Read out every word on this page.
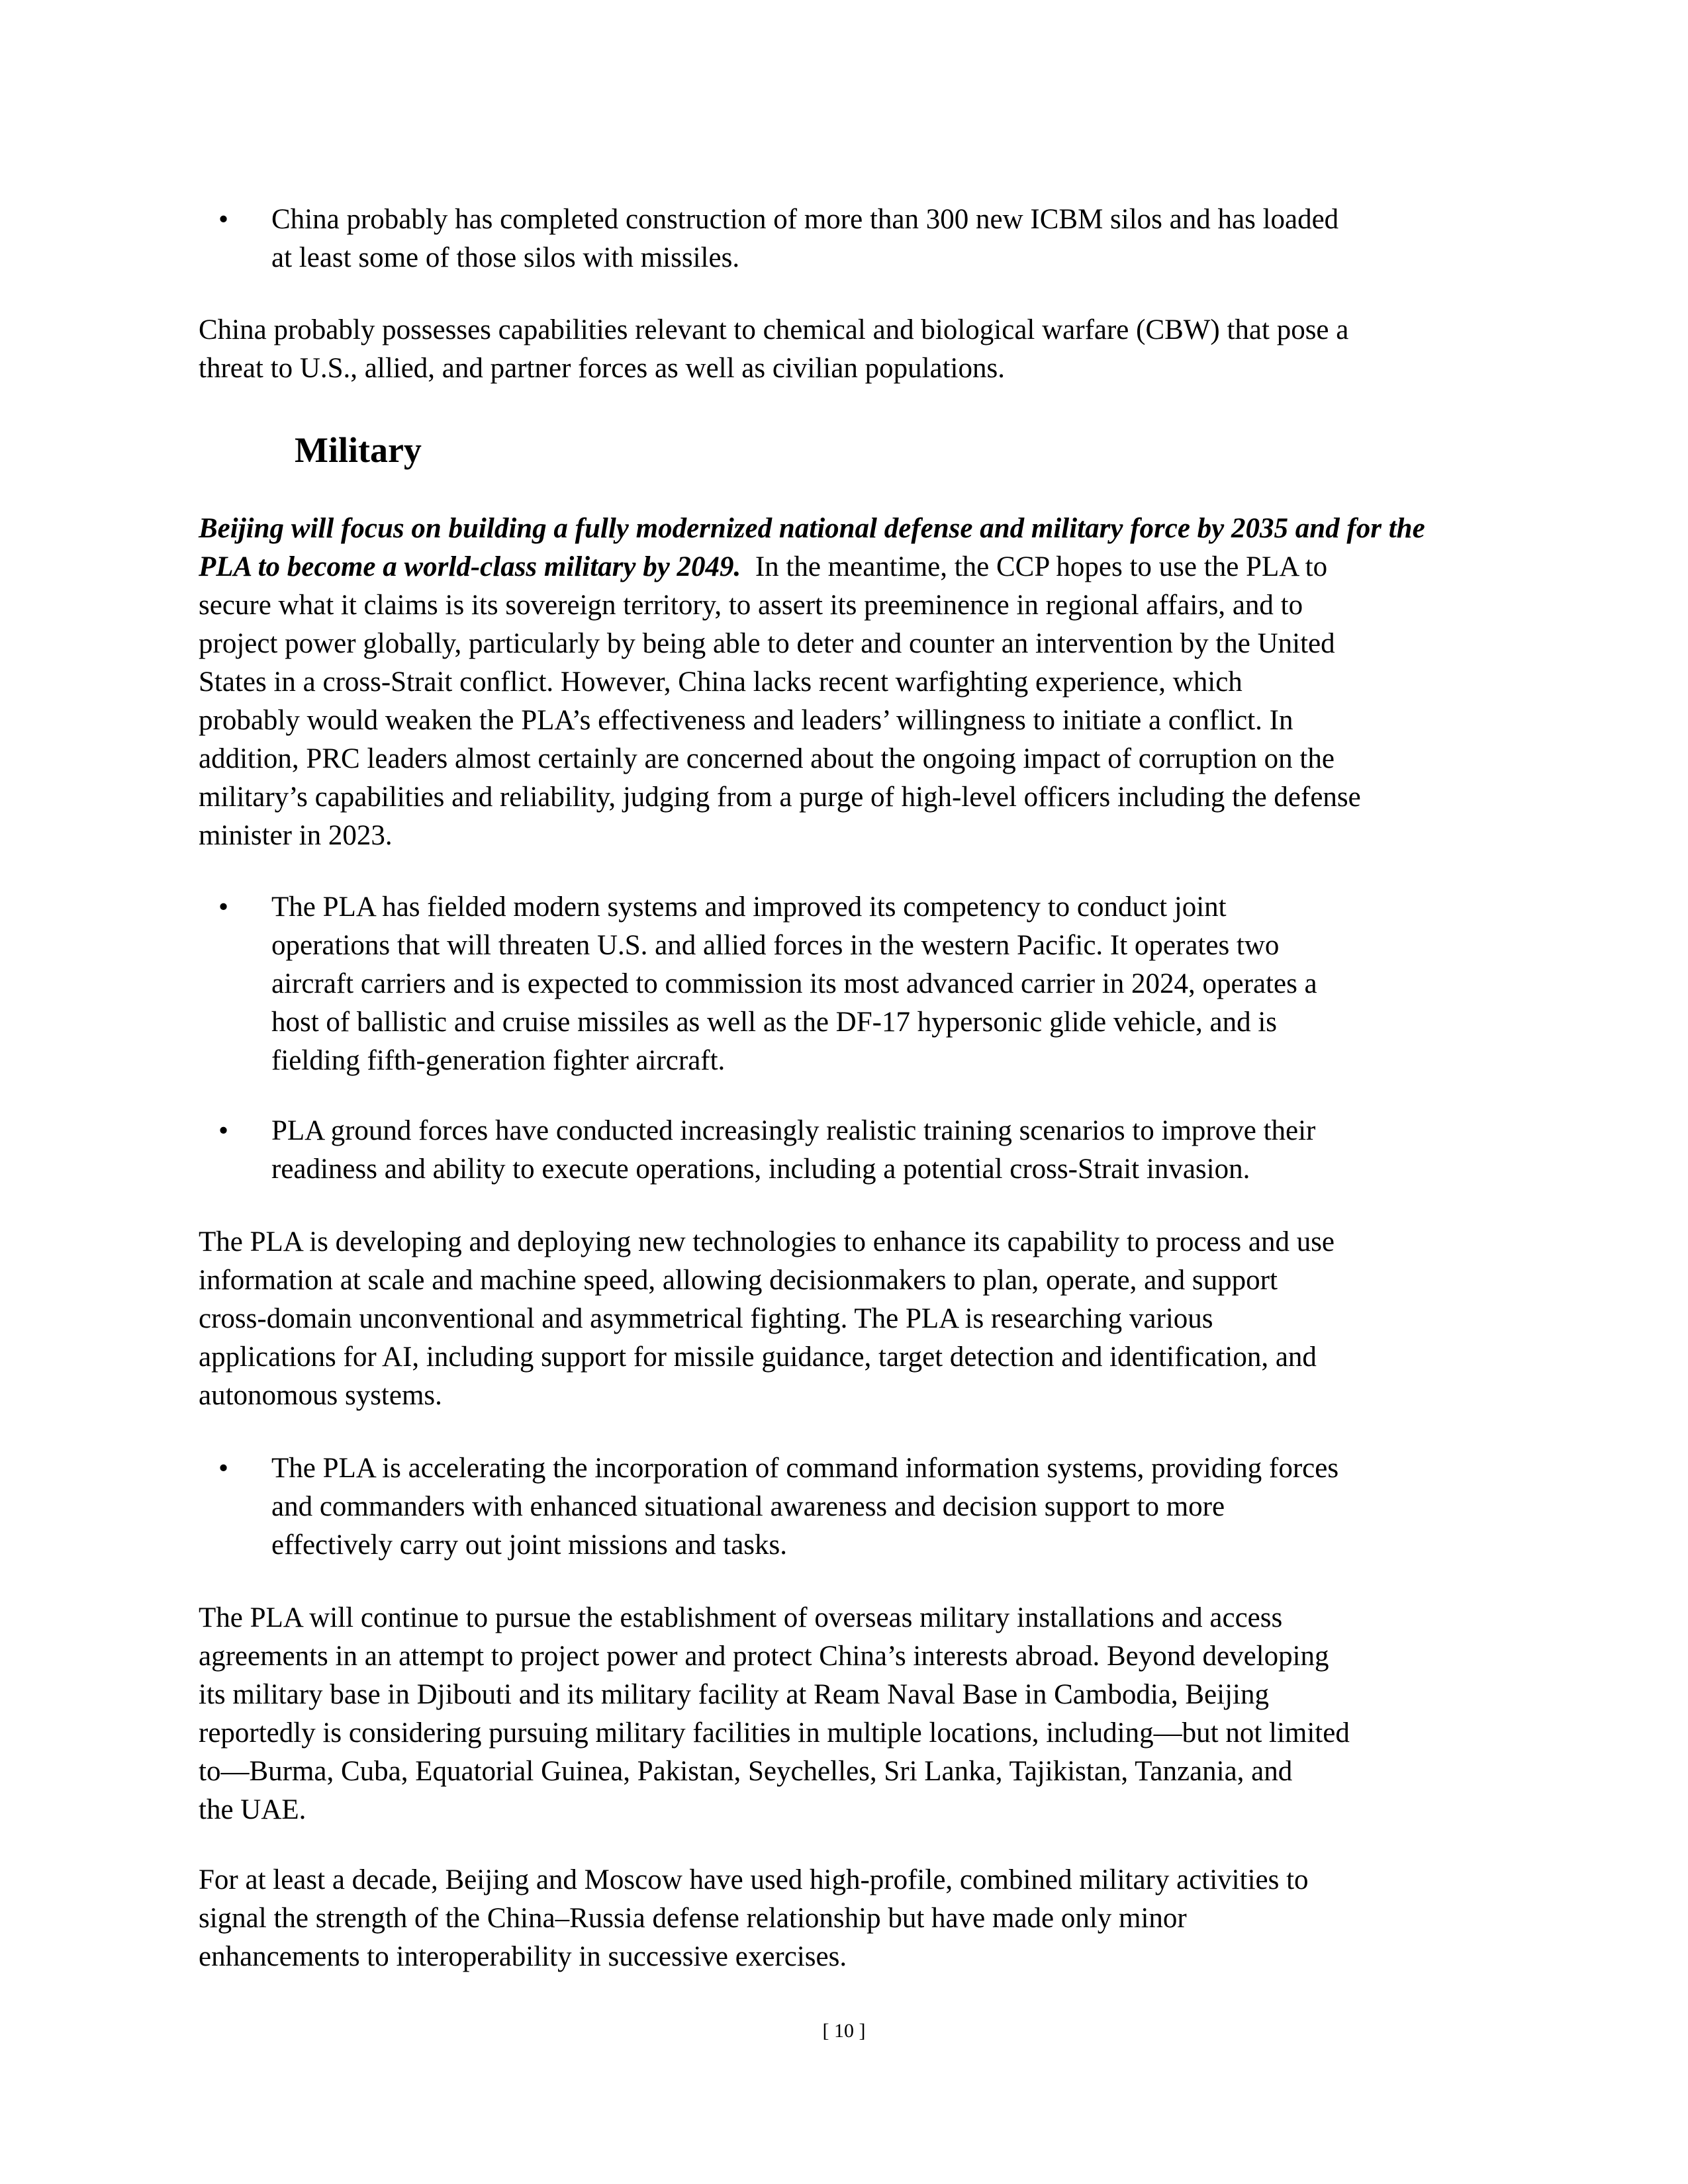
• China probably has completed construction of more than 300 new ICBM silos and has loaded
at least some of those silos with missiles.

China probably possesses capabilities relevant to chemical and biological warfare (CBW) that pose a
threat to U.S., allied, and partner forces as well as civilian populations.

Military

Beijing will focus on building a fully modernized national defense and military force by 2035 and for the
PLA to become a world-class military by 2049.  In the meantime, the CCP hopes to use the PLA to
secure what it claims is its sovereign territory, to assert its preeminence in regional affairs, and to
project power globally, particularly by being able to deter and counter an intervention by the United
States in a cross-Strait conflict. However, China lacks recent warfighting experience, which
probably would weaken the PLA’s effectiveness and leaders’ willingness to initiate a conflict. In
addition, PRC leaders almost certainly are concerned about the ongoing impact of corruption on the
military’s capabilities and reliability, judging from a purge of high-level officers including the defense
minister in 2023.

• The PLA has fielded modern systems and improved its competency to conduct joint
operations that will threaten U.S. and allied forces in the western Pacific. It operates two
aircraft carriers and is expected to commission its most advanced carrier in 2024, operates a
host of ballistic and cruise missiles as well as the DF-17 hypersonic glide vehicle, and is
fielding fifth-generation fighter aircraft.
• PLA ground forces have conducted increasingly realistic training scenarios to improve their
readiness and ability to execute operations, including a potential cross-Strait invasion.

The PLA is developing and deploying new technologies to enhance its capability to process and use
information at scale and machine speed, allowing decisionmakers to plan, operate, and support
cross-domain unconventional and asymmetrical fighting. The PLA is researching various
applications for AI, including support for missile guidance, target detection and identification, and
autonomous systems.

• The PLA is accelerating the incorporation of command information systems, providing forces
and commanders with enhanced situational awareness and decision support to more
effectively carry out joint missions and tasks.

The PLA will continue to pursue the establishment of overseas military installations and access
agreements in an attempt to project power and protect China’s interests abroad. Beyond developing
its military base in Djibouti and its military facility at Ream Naval Base in Cambodia, Beijing
reportedly is considering pursuing military facilities in multiple locations, including—but not limited
to—Burma, Cuba, Equatorial Guinea, Pakistan, Seychelles, Sri Lanka, Tajikistan, Tanzania, and
the UAE.

For at least a decade, Beijing and Moscow have used high-profile, combined military activities to
signal the strength of the China–Russia defense relationship but have made only minor
enhancements to interoperability in successive exercises.

[ 10 ]
